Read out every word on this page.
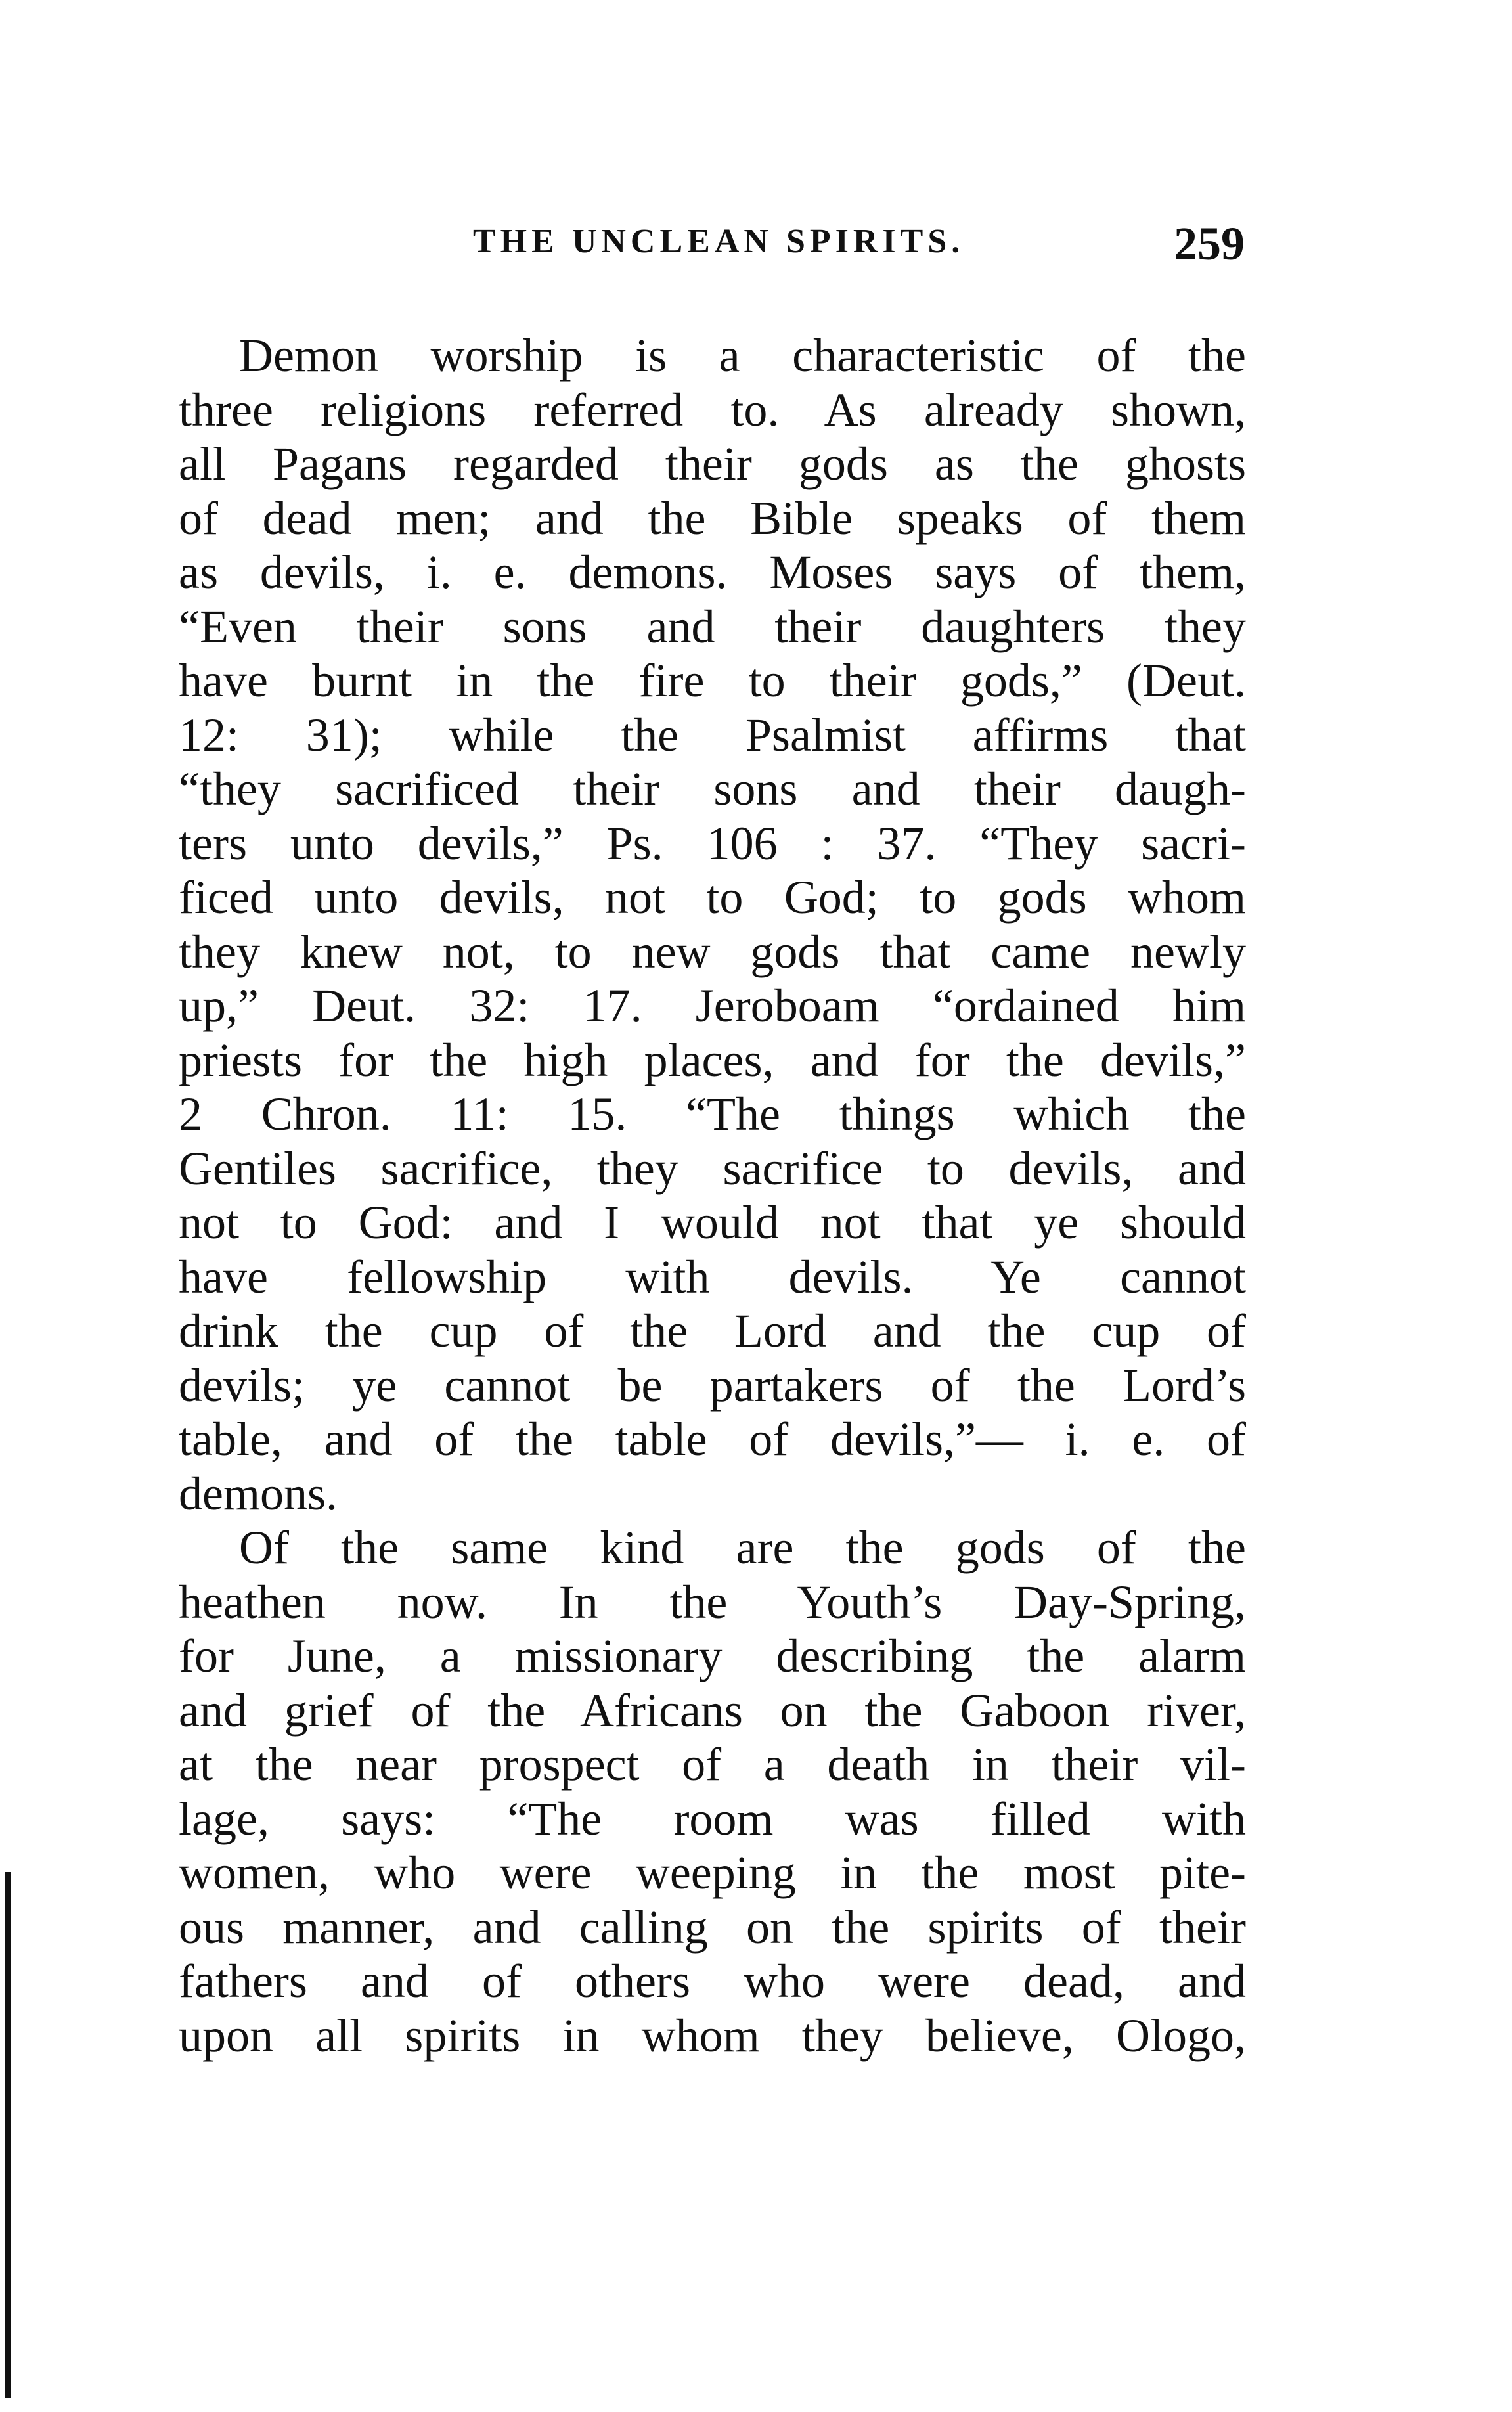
THE UNCLEAN SPIRITS.	259
Demon worship is a characteristic of the
three religions referred to. As already shown,
all Pagans regarded their gods as the ghosts
of dead men; and the Bible speaks of them
as devils, i. e. demons. Moses says of them,
“Even their sons and their daughters they
have burnt in the fire to their gods,” (Deut.
12: 31); while the Psalmist affirms that
“they sacrificed their sons and their daugh-
ters unto devils,” Ps. 106 : 37. “They sacri-
ficed unto devils, not to God; to gods whom
they knew not, to new gods that came newly
up,” Deut. 32: 17. Jeroboam “ordained him
priests for the high places, and for the devils,”
2 Chron. 11: 15. “The things which the
Gentiles sacrifice, they sacrifice to devils, and
not to God: and I would not that ye should
have fellowship with devils. Ye cannot
drink the cup of the Lord and the cup of
devils; ye cannot be partakers of the Lord’s
table, and of the table of devils,”— i. e. of
demons.
Of the same kind are the gods of the
heathen now. In the Youth’s Day-Spring,
for June, a missionary describing the alarm
and grief of the Africans on the Gaboon river,
at the near prospect of a death in their vil-
lage, says: “The room was filled with
women, who were weeping in the most pite-
ous manner, and calling on the spirits of their
fathers and of others who were dead, and
upon all spirits in whom they believe, Ologo,
